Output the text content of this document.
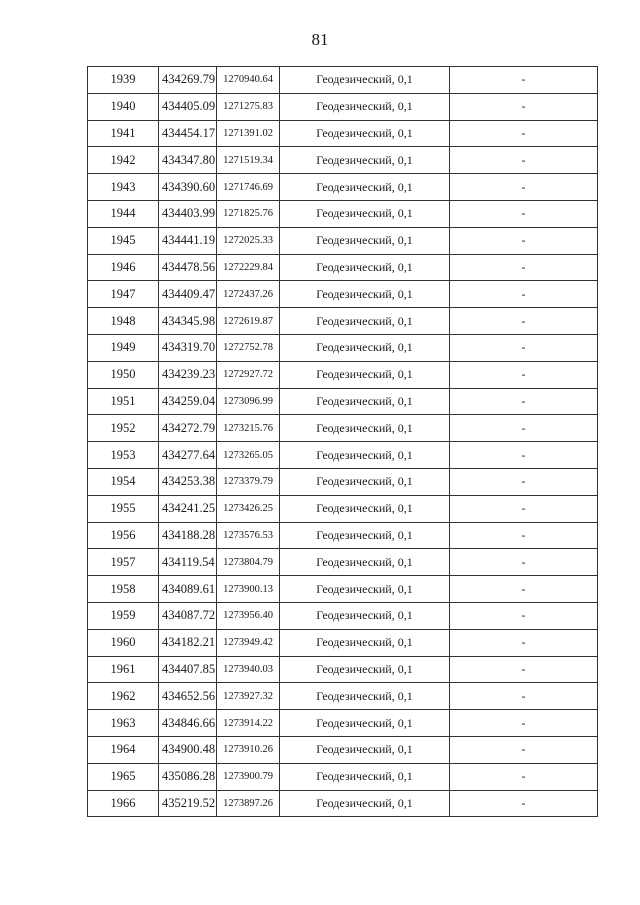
81
1939	434269.79	1270940.64	Геодезический, 0,1	-
1940	434405.09	1271275.83	Геодезический, 0,1	-
1941	434454.17	1271391.02	Геодезический, 0,1	-
1942	434347.80	1271519.34	Геодезический, 0,1	-
1943	434390.60	1271746.69	Геодезический, 0,1	-
1944	434403.99	1271825.76	Геодезический, 0,1	-
1945	434441.19	1272025.33	Геодезический, 0,1	-
1946	434478.56	1272229.84	Геодезический, 0,1	-
1947	434409.47	1272437.26	Геодезический, 0,1	-
1948	434345.98	1272619.87	Геодезический, 0,1	-
1949	434319.70	1272752.78	Геодезический, 0,1	-
1950	434239.23	1272927.72	Геодезический, 0,1	-
1951	434259.04	1273096.99	Геодезический, 0,1	-
1952	434272.79	1273215.76	Геодезический, 0,1	-
1953	434277.64	1273265.05	Геодезический, 0,1	-
1954	434253.38	1273379.79	Геодезический, 0,1	-
1955	434241.25	1273426.25	Геодезический, 0,1	-
1956	434188.28	1273576.53	Геодезический, 0,1	-
1957	434119.54	1273804.79	Геодезический, 0,1	-
1958	434089.61	1273900.13	Геодезический, 0,1	-
1959	434087.72	1273956.40	Геодезический, 0,1	-
1960	434182.21	1273949.42	Геодезический, 0,1	-
1961	434407.85	1273940.03	Геодезический, 0,1	-
1962	434652.56	1273927.32	Геодезический, 0,1	-
1963	434846.66	1273914.22	Геодезический, 0,1	-
1964	434900.48	1273910.26	Геодезический, 0,1	-
1965	435086.28	1273900.79	Геодезический, 0,1	-
1966	435219.52	1273897.26	Геодезический, 0,1	-
